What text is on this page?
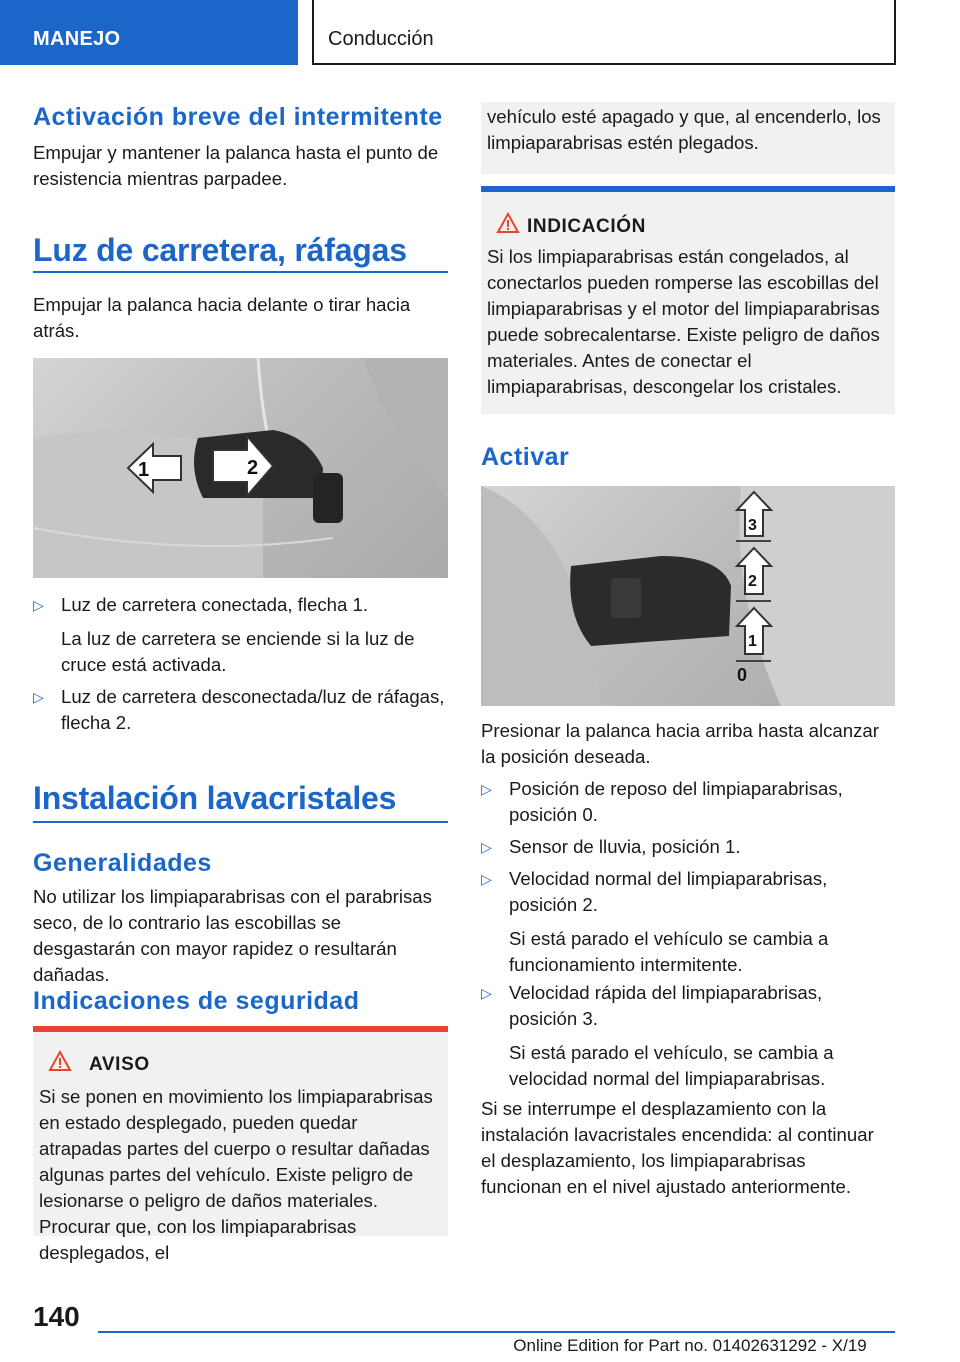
MANEJO	Conducción
Activación breve del intermitente
Empujar y mantener la palanca hasta el punto de resistencia mientras parpadee.
Luz de carretera, ráfagas
Empujar la palanca hacia delante o tirar hacia atrás.
1	2
▷ Luz de carretera conectada, flecha 1.
La luz de carretera se enciende si la luz de cruce está activada.
▷ Luz de carretera desconectada/luz de ráfagas, flecha 2.
Instalación lavacristales
Generalidades
No utilizar los limpiaparabrisas con el parabrisas seco, de lo contrario las escobillas se desgastarán con mayor rapidez o resultarán dañadas.
Indicaciones de seguridad
AVISO
Si se ponen en movimiento los limpiaparabrisas en estado desplegado, pueden quedar atrapadas partes del cuerpo o resultar dañadas algunas partes del vehículo. Existe peligro de lesionarse o peligro de daños materiales. Procurar que, con los limpiaparabrisas desplegados, el
vehículo esté apagado y que, al encenderlo, los limpiaparabrisas estén plegados.
INDICACIÓN
Si los limpiaparabrisas están congelados, al conectarlos pueden romperse las escobillas del limpiaparabrisas y el motor del limpiaparabrisas puede sobrecalentarse. Existe peligro de daños materiales. Antes de conectar el limpiaparabrisas, descongelar los cristales.
Activar
3
2
1
0
Presionar la palanca hacia arriba hasta alcanzar la posición deseada.
▷ Posición de reposo del limpiaparabrisas, posición 0.
▷ Sensor de lluvia, posición 1.
▷ Velocidad normal del limpiaparabrisas, posición 2.
Si está parado el vehículo se cambia a funcionamiento intermitente.
▷ Velocidad rápida del limpiaparabrisas, posición 3.
Si está parado el vehículo, se cambia a velocidad normal del limpiaparabrisas.
Si se interrumpe el desplazamiento con la instalación lavacristales encendida: al continuar el desplazamiento, los limpiaparabrisas funcionan en el nivel ajustado anteriormente.
140
Online Edition for Part no. 01402631292 - X/19
